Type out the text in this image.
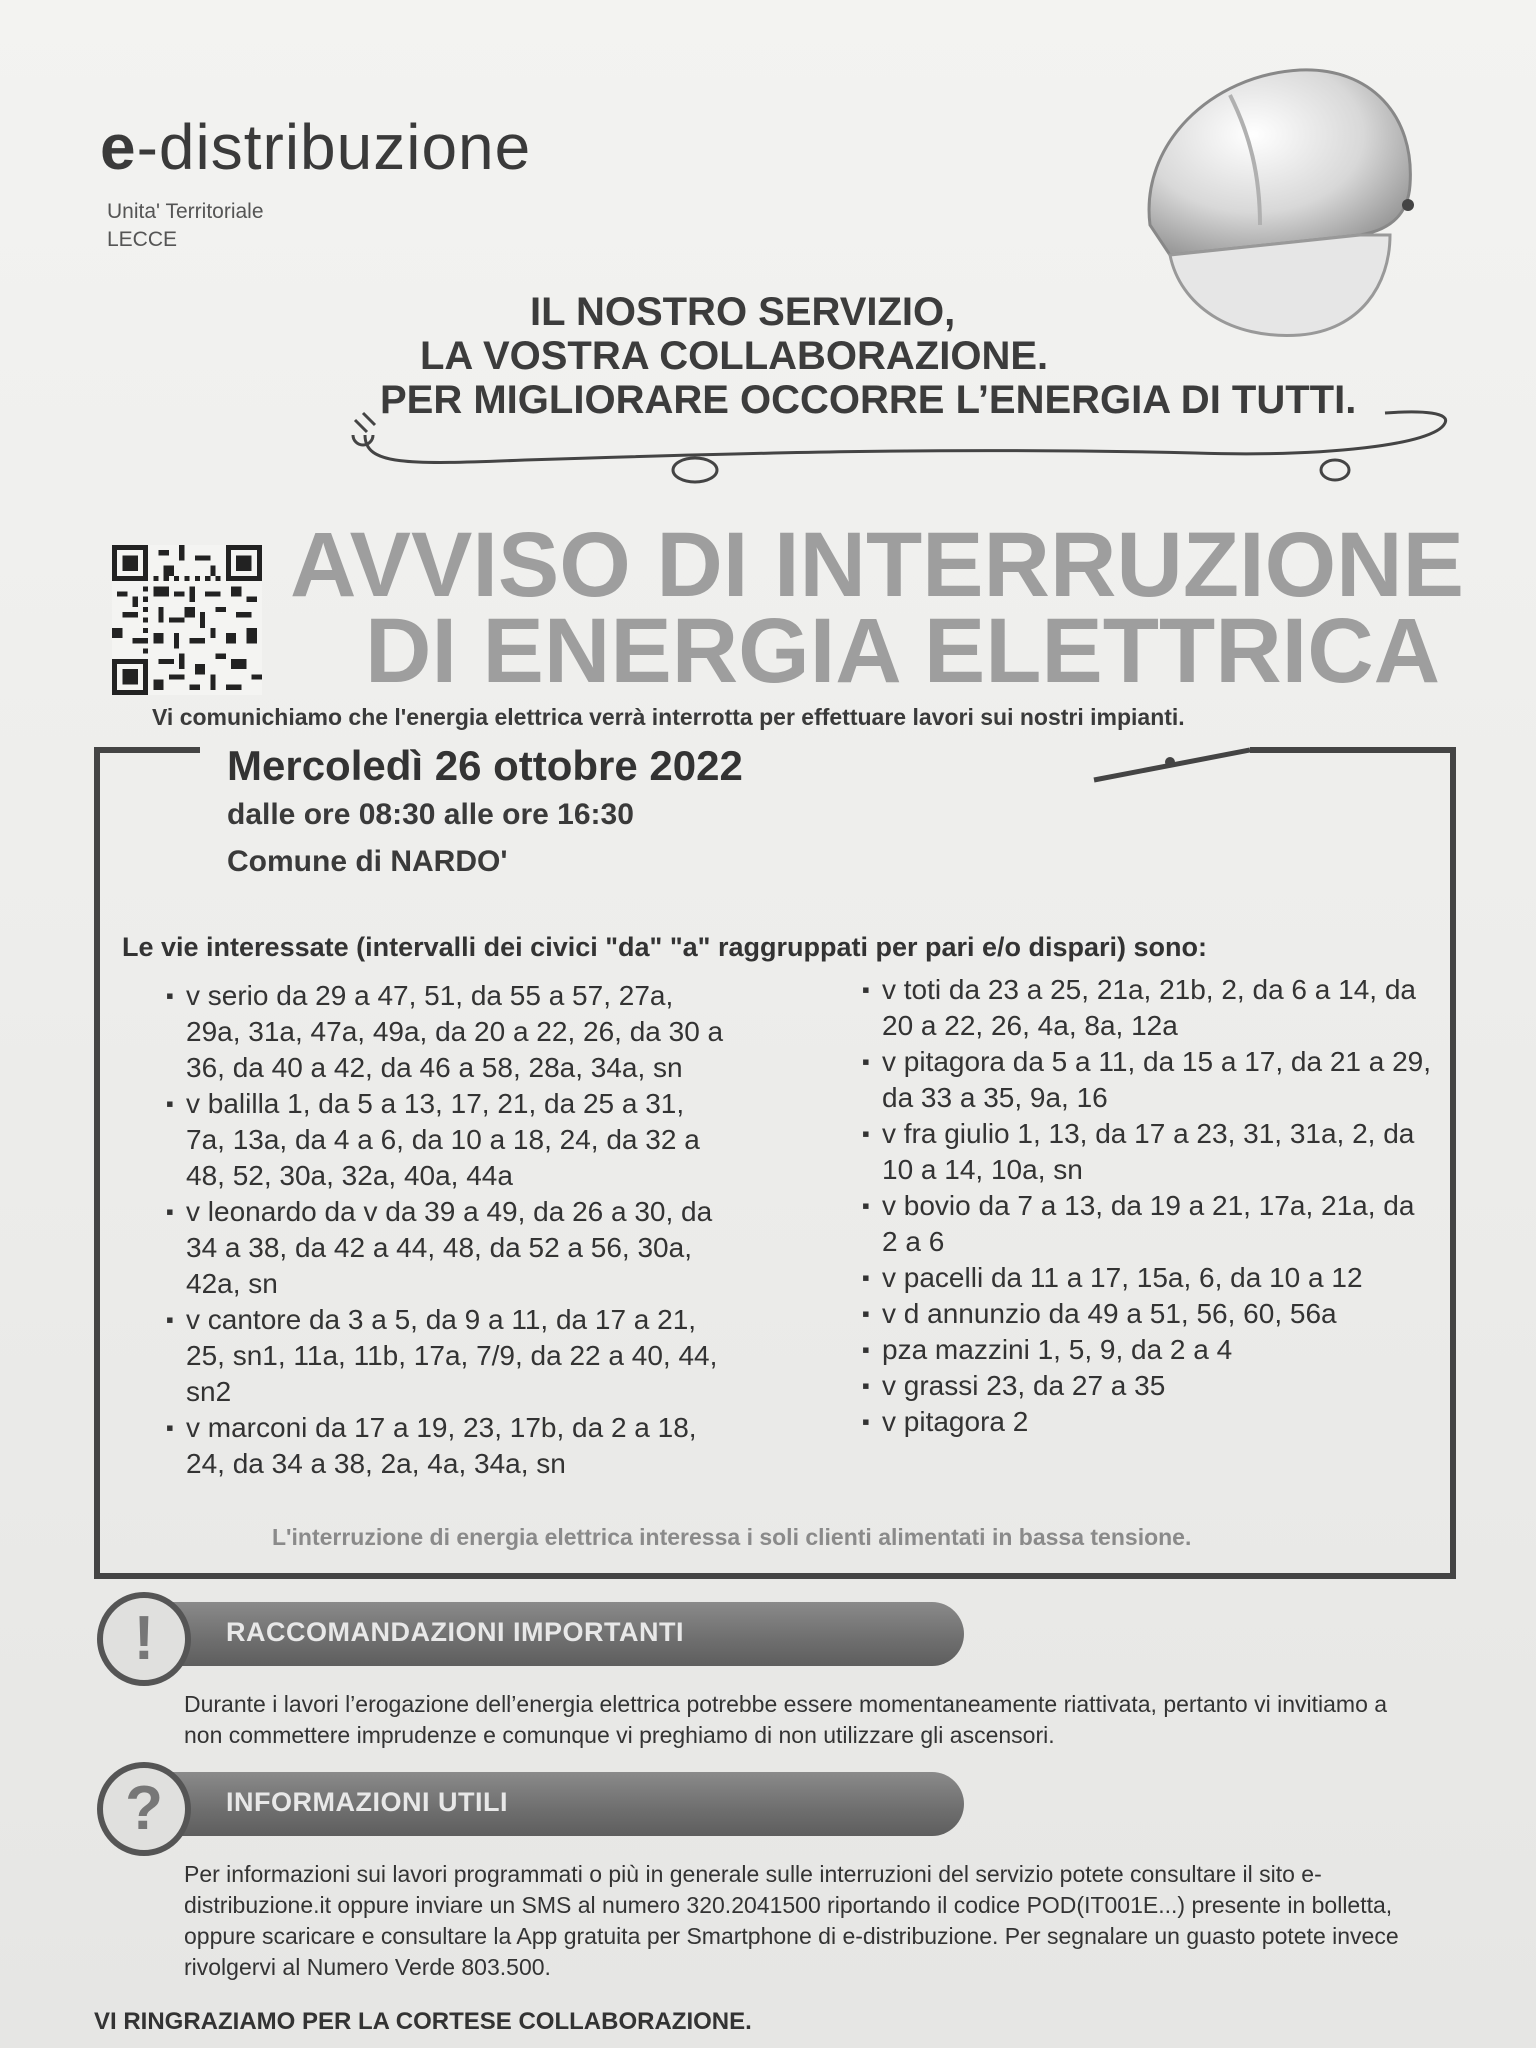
e-distribuzione
Unita' Territoriale
LECCE
IL NOSTRO SERVIZIO,
LA VOSTRA COLLABORAZIONE.
PER MIGLIORARE OCCORRE L’ENERGIA DI TUTTI.
AVVISO DI INTERRUZIONE
DI ENERGIA ELETTRICA
Vi comunichiamo che l'energia elettrica verrà interrotta per effettuare lavori sui nostri impianti.
Mercoledì 26 ottobre 2022
dalle ore 08:30 alle ore 16:30
Comune di NARDO'
Le vie interessate (intervalli dei civici "da" "a" raggruppati per pari e/o dispari) sono:

▪ v serio da 29 a 47, 51, da 55 a 57, 27a, 29a, 31a, 47a, 49a, da 20 a 22, 26, da 30 a 36, da 40 a 42, da 46 a 58, 28a, 34a, sn

▪ v balilla 1, da 5 a 13, 17, 21, da 25 a 31, 7a, 13a, da 4 a 6, da 10 a 18, 24, da 32 a 48, 52, 30a, 32a, 40a, 44a

▪ v leonardo da v da 39 a 49, da 26 a 30, da 34 a 38, da 42 a 44, 48, da 52 a 56, 30a, 42a, sn

▪ v cantore da 3 a 5, da 9 a 11, da 17 a 21, 25, sn1, 11a, 11b, 17a, 7/9, da 22 a 40, 44, sn2

▪ v marconi da 17 a 19, 23, 17b, da 2 a 18, 24, da 34 a 38, 2a, 4a, 34a, sn

▪ v toti da 23 a 25, 21a, 21b, 2, da 6 a 14, da 20 a 22, 26, 4a, 8a, 12a

▪ v pitagora da 5 a 11, da 15 a 17, da 21 a 29, da 33 a 35, 9a, 16

▪ v fra giulio 1, 13, da 17 a 23, 31, 31a, 2, da 10 a 14, 10a, sn

▪ v bovio da 7 a 13, da 19 a 21, 17a, 21a, da 2 a 6

▪ v pacelli da 11 a 17, 15a, 6, da 10 a 12

▪ v d annunzio da 49 a 51, 56, 60, 56a

▪ pza mazzini 1, 5, 9, da 2 a 4

▪ v grassi 23, da 27 a 35

▪ v pitagora 2

L'interruzione di energia elettrica interessa i soli clienti alimentati in bassa tensione.
!	RACCOMANDAZIONI IMPORTANTI
Durante i lavori l’erogazione dell’energia elettrica potrebbe essere momentaneamente riattivata, pertanto vi invitiamo a non commettere imprudenze e comunque vi preghiamo di non utilizzare gli ascensori.
?	INFORMAZIONI UTILI
Per informazioni sui lavori programmati o più in generale sulle interruzioni del servizio potete consultare il sito e-distribuzione.it oppure inviare un SMS al numero 320.2041500 riportando il codice POD(IT001E...) presente in bolletta, oppure scaricare e consultare la App gratuita per Smartphone di e-distribuzione. Per segnalare un guasto potete invece rivolgervi al Numero Verde 803.500.
VI RINGRAZIAMO PER LA CORTESE COLLABORAZIONE.
